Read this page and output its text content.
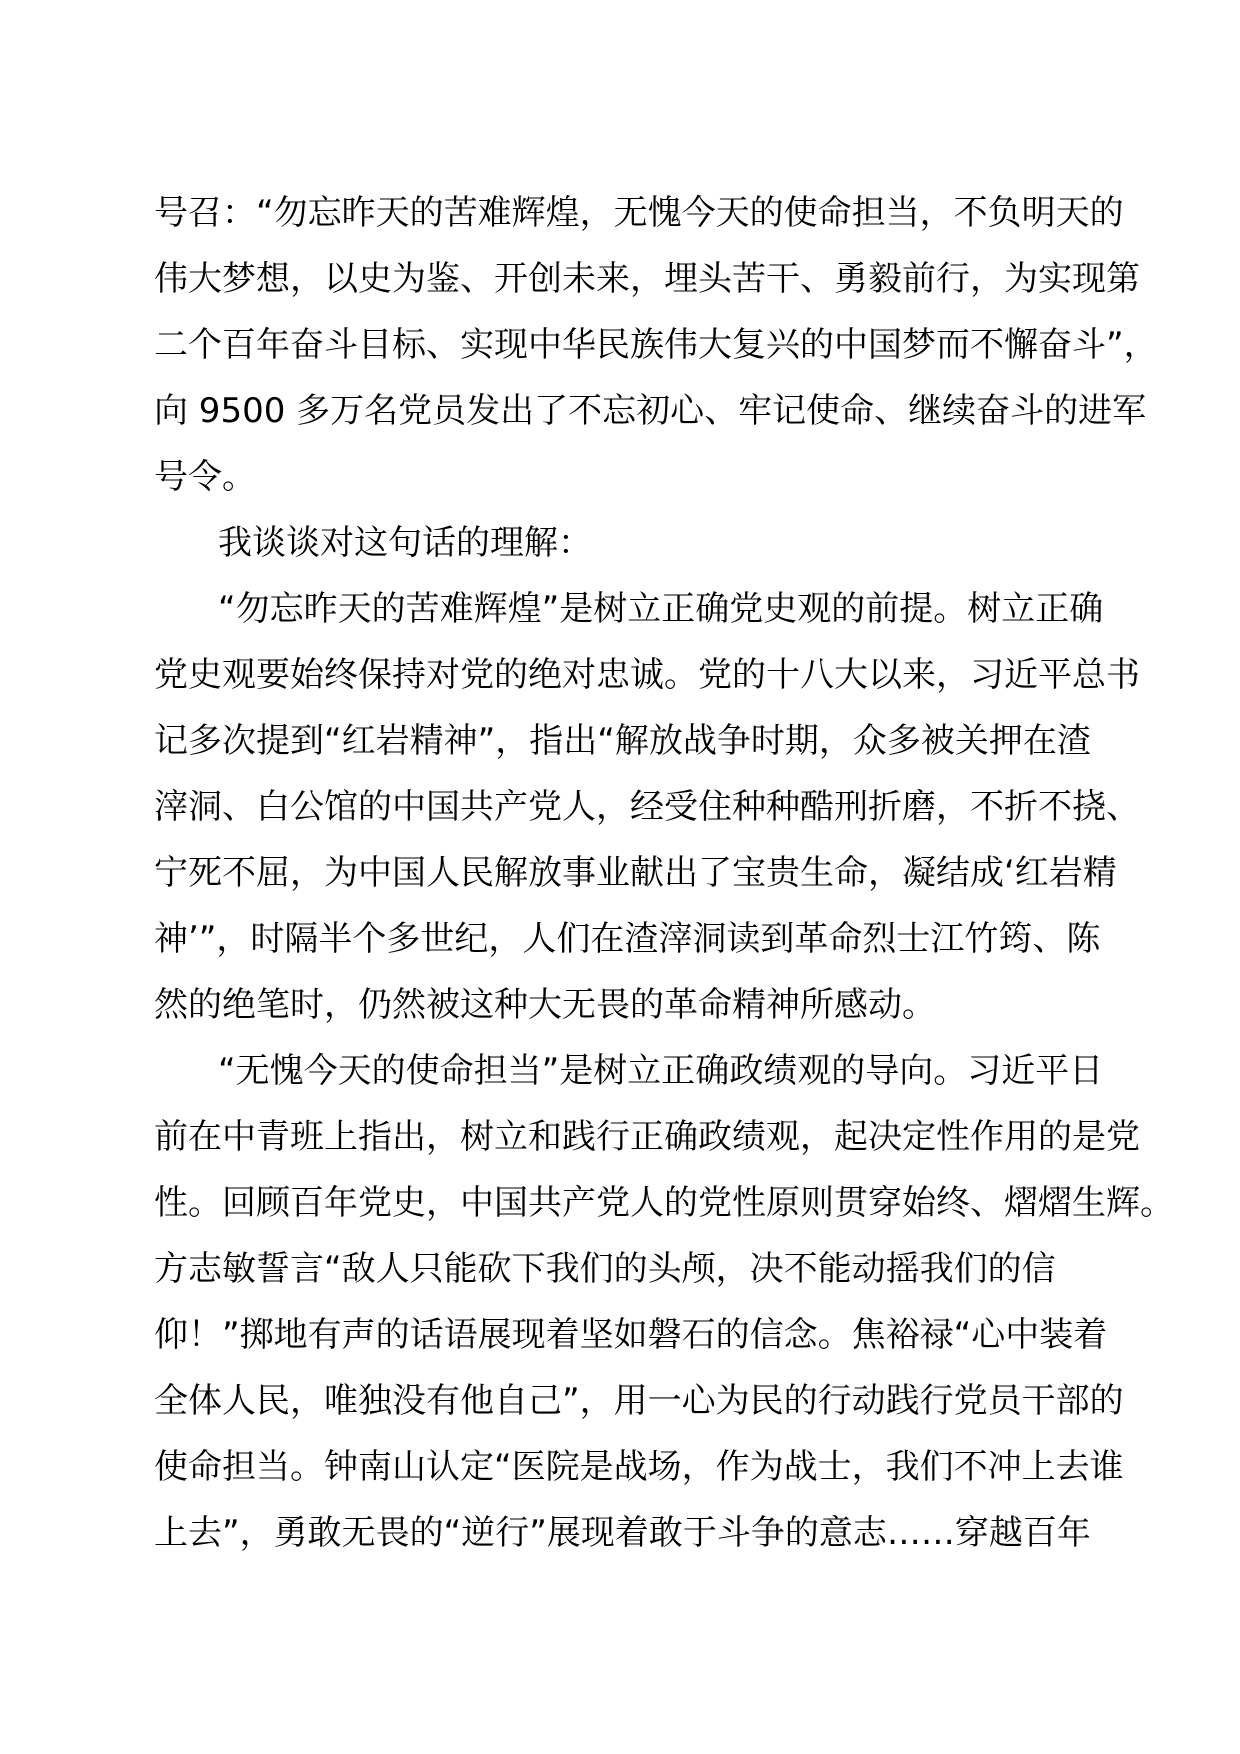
号召：“勿忘昨天的苦难辉煌，无愧今天的使命担当，不负明天的
伟大梦想，以史为鉴、开创未来，埋头苦干、勇毅前行，为实现第
二个百年奋斗目标、实现中华民族伟大复兴的中国梦而不懈奋斗”，
向 9500 多万名党员发出了不忘初心、牢记使命、继续奋斗的进军
号令。
我谈谈对这句话的理解：
“勿忘昨天的苦难辉煌”是树立正确党史观的前提。树立正确
党史观要始终保持对党的绝对忠诚。党的十八大以来，习近平总书
记多次提到“红岩精神”，指出“解放战争时期，众多被关押在渣
滓洞、白公馆的中国共产党人，经受住种种酷刑折磨，不折不挠、
宁死不屈，为中国人民解放事业献出了宝贵生命，凝结成‘红岩精
神’”，时隔半个多世纪，人们在渣滓洞读到革命烈士江竹筠、陈
然的绝笔时，仍然被这种大无畏的革命精神所感动。
“无愧今天的使命担当”是树立正确政绩观的导向。习近平日
前在中青班上指出，树立和践行正确政绩观，起决定性作用的是党
性。回顾百年党史，中国共产党人的党性原则贯穿始终、熠熠生辉。
方志敏誓言“敌人只能砍下我们的头颅，决不能动摇我们的信
仰！”掷地有声的话语展现着坚如磐石的信念。焦裕禄“心中装着
全体人民，唯独没有他自己”，用一心为民的行动践行党员干部的
使命担当。钟南山认定“医院是战场，作为战士，我们不冲上去谁
上去”，勇敢无畏的“逆行”展现着敢于斗争的意志……穿越百年
